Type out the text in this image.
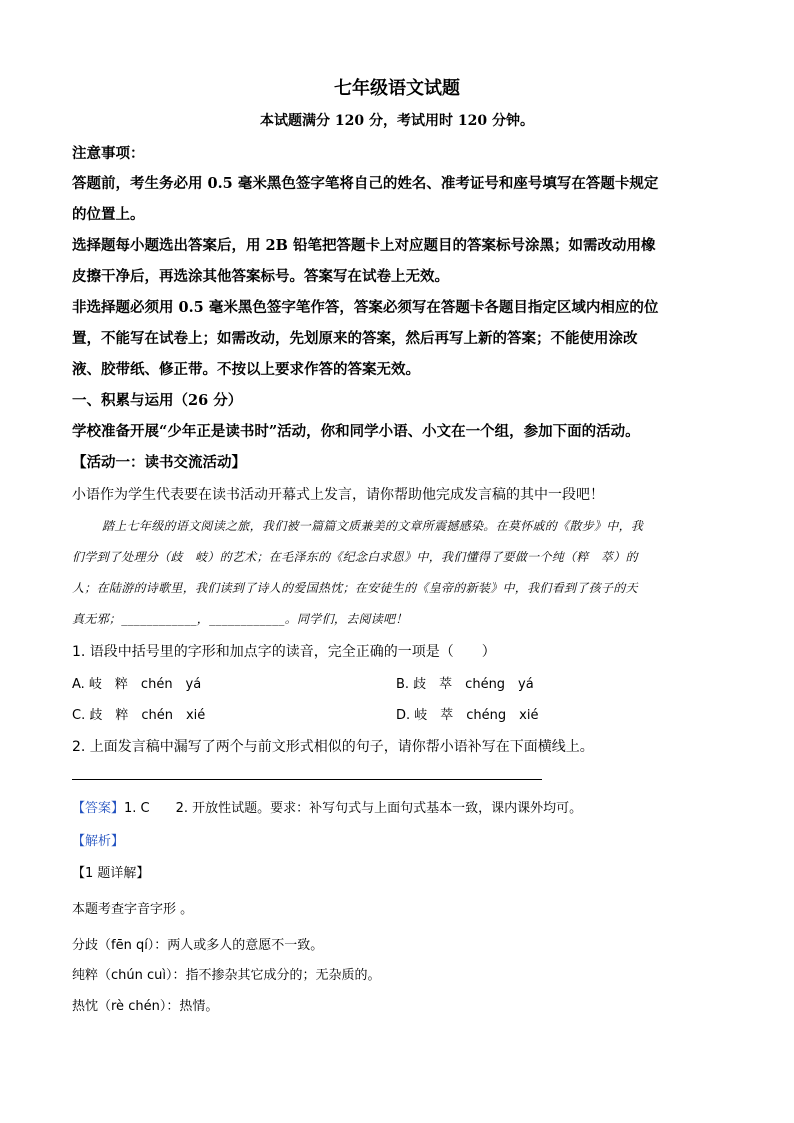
七年级语文试题
本试题满分 120 分，考试用时 120 分钟。
注意事项：
答题前，考生务必用 0.5 毫米黑色签字笔将自己的姓名、准考证号和座号填写在答题卡规定
的位置上。
选择题每小题选出答案后，用 2B 铅笔把答题卡上对应题目的答案标号涂黑；如需改动用橡
皮擦干净后，再选涂其他答案标号。答案写在试卷上无效。
非选择题必须用 0.5 毫米黑色签字笔作答，答案必须写在答题卡各题目指定区域内相应的位
置，不能写在试卷上；如需改动，先划原来的答案，然后再写上新的答案；不能使用涂改
液、胶带纸、修正带。不按以上要求作答的答案无效。
一、积累与运用（26 分）
学校准备开展“少年正是读书时”活动，你和同学小语、小文在一个组，参加下面的活动。
【活动一：读书交流活动】
小语作为学生代表要在读书活动开幕式上发言，请你帮助他完成发言稿的其中一段吧！
踏上七年级的语文阅读之旅，我们被一篇篇文质兼美的文章所震撼感染。在莫怀戚的《散步》中，我
们学到了处理分（歧　岐）的艺术；在毛泽东的《纪念白求恩》中，我们懂得了要做一个纯（粹　萃）的
人；在陆游的诗歌里，我们读到了诗人的爱国热忱；在安徒生的《皇帝的新装》中，我们看到了孩子的天
真无邪；____________，____________。同学们，去阅读吧！
1. 语段中括号里的字形和加点字的读音，完全正确的一项是（　　）
A. 岐　粹　chén　yá	B. 歧　萃　chéng　yá
C. 歧　粹　chén　xié	D. 岐　萃　chéng　xié
2. 上面发言稿中漏写了两个与前文形式相似的句子，请你帮小语补写在下面横线上。
【答案】1. C　　2. 开放性试题。要求：补写句式与上面句式基本一致，课内课外均可。
【解析】
【1 题详解】
本题考查字音字形 。
分歧（fēn qí）：两人或多人的意愿不一致。
纯粹（chún cuì）：指不掺杂其它成分的；无杂质的。
热忱（rè chén）：热情。
